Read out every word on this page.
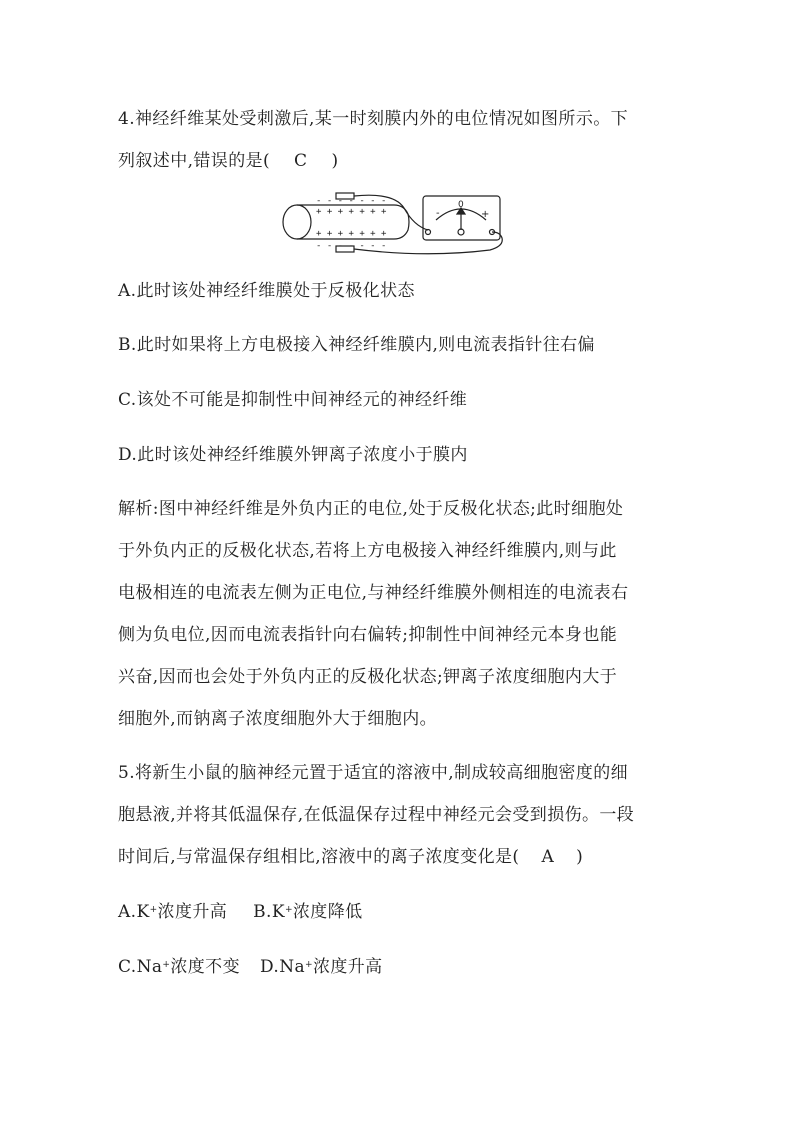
4.神经纤维某处受刺激后,某一时刻膜内外的电位情况如图所示。下
列叙述中,错误的是( C )
0
-	+
+ + + + + + +
- - - - - - -
+ + + + + + +
- - - - - - -
A.此时该处神经纤维膜处于反极化状态
B.此时如果将上方电极接入神经纤维膜内,则电流表指针往右偏
C.该处不可能是抑制性中间神经元的神经纤维
D.此时该处神经纤维膜外钾离子浓度小于膜内
解析:图中神经纤维是外负内正的电位,处于反极化状态;此时细胞处
于外负内正的反极化状态,若将上方电极接入神经纤维膜内,则与此
电极相连的电流表左侧为正电位,与神经纤维膜外侧相连的电流表右
侧为负电位,因而电流表指针向右偏转;抑制性中间神经元本身也能
兴奋,因而也会处于外负内正的反极化状态;钾离子浓度细胞内大于
细胞外,而钠离子浓度细胞外大于细胞内。
5.将新生小鼠的脑神经元置于适宜的溶液中,制成较高细胞密度的细
胞悬液,并将其低温保存,在低温保存过程中神经元会受到损伤。一段
时间后,与常温保存组相比,溶液中的离子浓度变化是( A )
A.K+浓度升高 B.K+浓度降低
C.Na+浓度不变 D.Na+浓度升高
